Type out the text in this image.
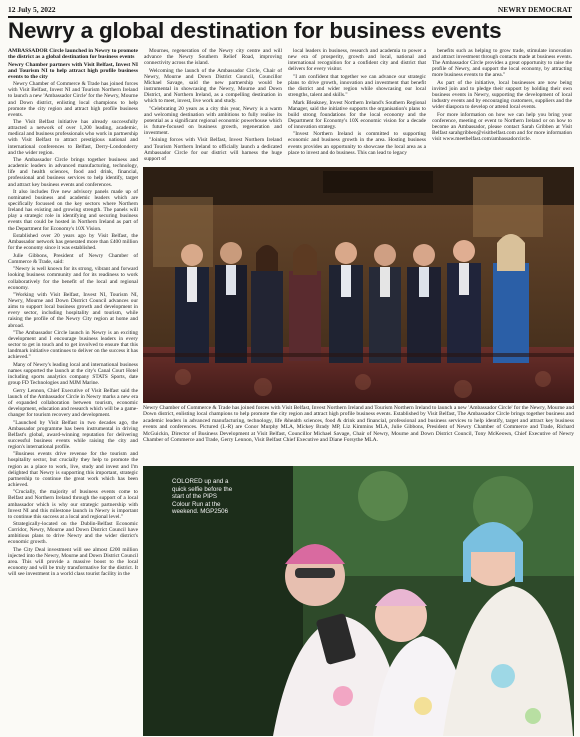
12 July 5, 2022	NEWRY DEMOCRAT
Newry a global destination for business events

AMBASSADOR Circle launched in Newry to promote the district as a global destination for business events

Newry Chamber partners with Visit Belfast, Invest NI and Tourism NI to help attract high profile business events to the city

Newry Chamber of Commerce & Trade has joined forces with Visit Belfast, Invest NI and Tourism Northern Ireland to launch a new 'Ambassador Circle' for the Newry, Mourne and Down district, enlisting local champions to help promote the city region and attract high profile business events.

The Visit Belfast initiative has already successfully attracted a network of over 1,200 leading, academic, medical and business professionals who work in partnership with Visit Belfast to attract prestigious national and international conferences to Belfast, Derry-Londonderry and the wider region.

The Ambassador Circle brings together business and academic leaders in advanced manufacturing, technology, life and health sciences, food and drink, financial, professional and business services to help identify, target and attract key business events and conferences.

It also includes five new advisory panels made up of nominated business and academic leaders which are specifically focussed on the key sectors where Northern Ireland has existing and growing strength. The panels will play a strategic role in identifying and securing business events that could be hosted in Northern Ireland as part of the Department for Economy's 10X Vision.

Established over 20 years ago by Visit Belfast, the Ambassador network has generated more than £400 million for the economy since it was established.

Julie Gibbons, President of Newry Chamber of Commerce & Trade, said:

"Newry is well known for its strong, vibrant and forward looking business community and for its readiness to work collaboratively for the benefit of the local and regional economy.

"Working with Visit Belfast, Invest NI, Tourism NI, Newry, Mourne and Down District Council advances our aims to support local business growth and development in every sector, including hospitality and tourism, while raising the profile of the Newry City region at home and abroad.

"The Ambassador Circle launch in Newry is an exciting development and I encourage business leaders in every sector to get in touch and to get involved to ensure that this landmark initiative continues to deliver on the success it has achieved."

Many of Newry's leading local and international business names supported the launch at the city's Canal Court Hotel including sports analytics company STATS Sports, date group FD Technologies and MJM Marine.

Gerry Lennon, Chief Executive of Visit Belfast said the launch of the Ambassador Circle in Newry marks a new era of expanded collaboration between tourism, economic development, education and research which will be a game-changer for tourism recovery and development.

"Launched by Visit Belfast in two decades ago, the Ambassador programme has been instrumental in driving Belfast's global, award-winning reputation for delivering successful business events while raising the city and region's international profile.

"Business events drive revenue for the tourism and hospitality sector, but crucially they help to promote the region as a place to work, live, study and invest and I'm delighted that Newry is supporting this important, strategic partnership to continue the great work which has been achieved.

"Crucially, the majority of business events come to Belfast and Northern Ireland through the support of a local ambassador which is why our strategic partnership with Invest NI and this milestone launch in Newry is important to continue this success at a local and regional level."

Strategically-located on the Dublin-Belfast Economic Corridor, Newry, Mourne and Down District Council have ambitious plans to drive Newry and the wider district's economic growth.

The City Deal investment will see almost £200 million injected into the Newry, Mourne and Down District Council area. This will provide a massive boost to the local economy and will be truly transformative for the district. It will see investment in a world class tourist facility in the

Mournes, regeneration of the Newry city centre and will advance the Newry Southern Relief Road, improving connectivity across the island.

Welcoming the launch of the Ambassador Circle, Chair of Newry, Mourne and Down District Council, Councillor Michael Savage, said the new partnership would be instrumental in showcasing the Newry, Mourne and Down District, and Northern Ireland, as a compelling destination in which to meet, invest, live work and study.

"Celebrating 20 years as a city this year, Newry is a warm and welcoming destination with ambitions to fully realise its potential as a significant regional economic powerhouse which is future-focused on business growth, regeneration and investment.

"Joining forces with Visit Belfast, Invest Northern Ireland and Tourism Northern Ireland to officially launch a dedicated Ambassador Circle for our district will harness the huge support of

local leaders in business, research and academia to power a new era of prosperity, growth and local, national and international recognition for a confident city and district that delivers for every visitor.

"I am confident that together we can advance our strategic plans to drive growth, innovation and investment that benefit the district and wider region while showcasing our local strengths, talent and skills."

Mark Bleakney, Invest Northern Ireland's Southern Regional Manager, said the initiative supports the organisation's plans to build strong foundations for the local economy and the Department for Economy's 10X economic vision for a decade of innovation strategy.

"Invest Northern Ireland is committed to supporting economic and business growth in the area. Hosting business events provides an opportunity to showcase the local area as a place to invest and do business. This can lead to legacy

benefits such as helping to grow trade, stimulate innovation and attract investment through contacts made at business events. The Ambassador Circle provides a great opportunity to raise the profile of Newry, and support the local economy, by attracting more business events to the area."

As part of the initiative, local businesses are now being invited join and to pledge their support by holding their own business events in Newry, supporting the development of local industry events and by encouraging customers, suppliers and the wider diaspora to develop or attend local events.

For more information on how we can help you bring your conference, meeting or event to Northern Ireland or on how to become an Ambassador, please contact Sarah Gribben at Visit Belfast sarahgribben@visitbelfast.com and for more information visit www.meetbelfast.com/ambassadorcircle.

Newry Chamber of Commerce & Trade has joined forces with Visit Belfast, Invest Northern Ireland and Tourism Northern Ireland to launch a new 'Ambassador Circle' for the Newry, Mourne and Down district, enlisting local champions to help promote the city region and attract high profile business events. Established by Visit Belfast, The Ambassador Circle brings together business and academic leaders in advanced manufacturing, technology, life &health sciences, food & drink and financial, professional and business services to help identify, target and attract key business events and conferences. Pictured (L-R) are Conor Murphy MLA, Mickey Brady MP, Liz Kimmins MLA, Julie Gibbons, President of Newry Chamber of Commerce and Trade, Richard McGuickin, Director of Business Development at Visit Belfast, Councillor Michael Savage, Chair of Newry, Mourne and Down District Council, Tony McKeown, Chief Executive of Newry Chamber of Commerce and Trade, Gerry Lennon, Visit Belfast Chief Executive and Diane Forsythe MLA.
COLORED up and a quick selfie before the start of the PIPS Colour Run at the weekend. MGP2506
